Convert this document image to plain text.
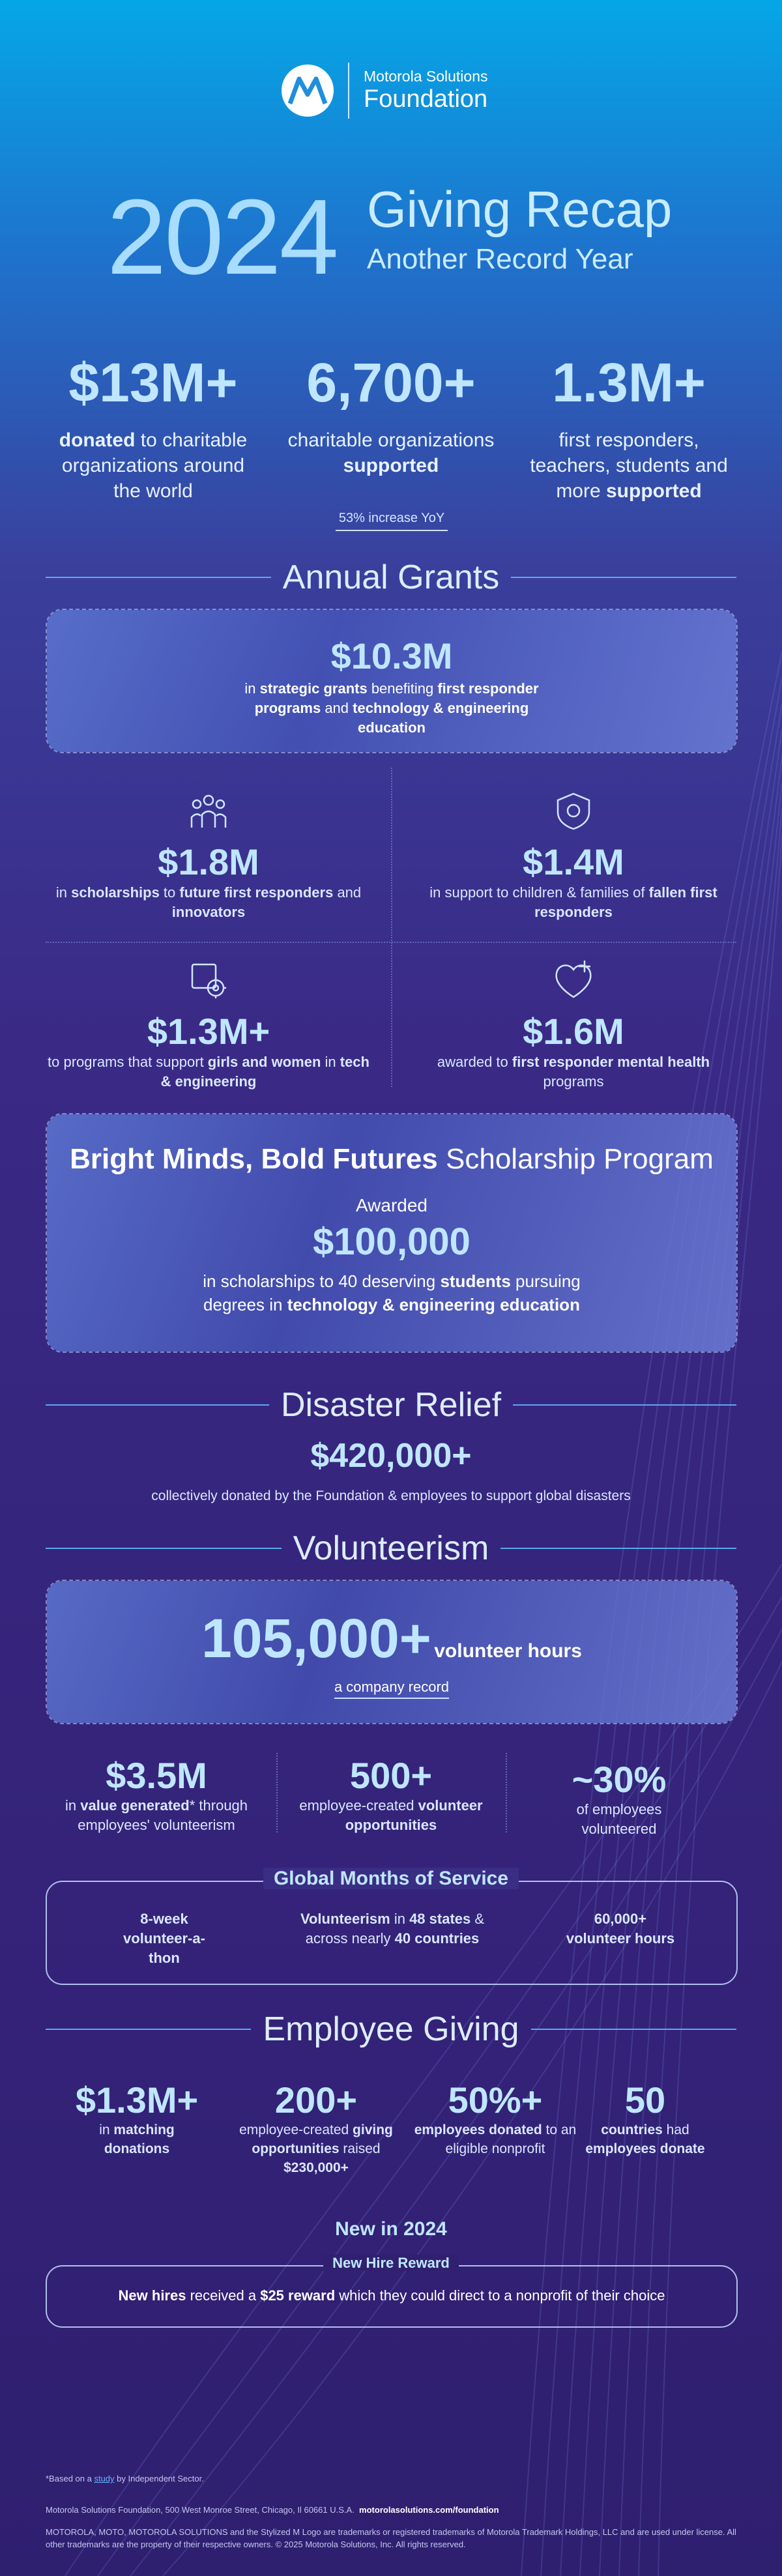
Motorola Solutions
Foundation
2024 Giving Recap
Another Record Year
$13M+
donated to charitable organizations around the world
6,700+
charitable organizations supported
1.3M+
first responders, teachers, students and more supported
53% increase YoY
Annual Grants
$10.3M
in strategic grants benefiting first responder programs and technology & engineering education
$1.8M
in scholarships to future first responders and innovators
$1.4M
in support to children & families of fallen first responders
$1.3M+
to programs that support girls and women in tech & engineering
$1.6M
awarded to first responder mental health programs
Bright Minds, Bold Futures Scholarship Program
Awarded
$100,000
in scholarships to 40 deserving students pursuing degrees in technology & engineering education
Disaster Relief
$420,000+
collectively donated by the Foundation & employees to support global disasters
Volunteerism
105,000+ volunteer hours
a company record
$3.5M
in value generated* through employees' volunteerism
500+
employee-created volunteer opportunities
~30%
of employees volunteered
8-week volunteer-a-thon
Volunteerism in 48 states & across nearly 40 countries
60,000+ volunteer hours
Global Months of Service
Employee Giving
$1.3M+
in matching donations
200+
employee-created giving opportunities raised $230,000+
50%+
employees donated to an eligible nonprofit
50
countries had employees donate
New in 2024
New hires received a $25 reward which they could direct to a nonprofit of their choice
New Hire Reward
*Based on a study by Independent Sector.
Motorola Solutions Foundation, 500 West Monroe Street, Chicago, Il 60661 U.S.A. motorolasolutions.com/foundation
MOTOROLA, MOTO, MOTOROLA SOLUTIONS and the Stylized M Logo are trademarks or registered trademarks of Motorola Trademark Holdings, LLC and are used under license. All other trademarks are the property of their respective owners. © 2025 Motorola Solutions, Inc. All rights reserved.
